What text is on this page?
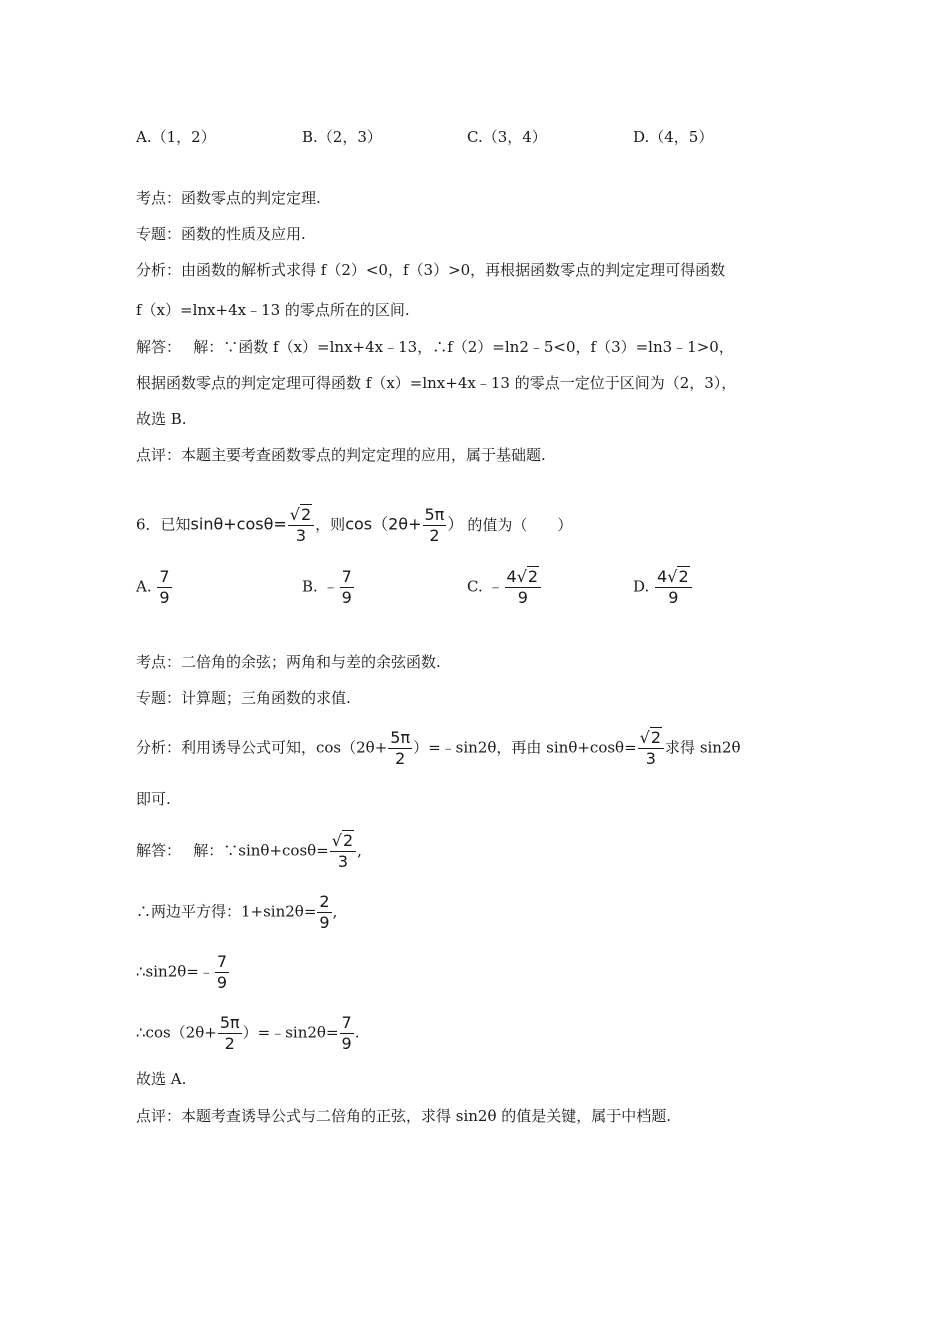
A.（1，2）	B.（2，3）	C.（3，4）	D.（4，5）
考点：函数零点的判定定理.
专题：函数的性质及应用.
分析：由函数的解析式求得 f（2）<0，f（3）>0，再根据函数零点的判定定理可得函数
f（x）=lnx+4x﹣13 的零点所在的区间.
解答：　 解：∵函数 f（x）=lnx+4x﹣13，∴f（2）=ln2﹣5<0，f（3）=ln3﹣1>0，
根据函数零点的判定定理可得函数 f（x）=lnx+4x﹣13 的零点一定位于区间为（2，3），
故选 B.
点评：本题主要考查函数零点的判定定理的应用，属于基础题.
6．已知$\sin\theta+\cos\theta= \frac{√2}{3}$ ，则$\cos(2\theta+ \frac{5\pi}{2}$ ） 的值为（　　）
A. $\frac{7}{9}$	B. ﹣ $\frac{7}{9}$	C. ﹣ $\frac{4√2}{9}$	D. $\frac{4√2}{9}$
考点：二倍角的余弦；两角和与差的余弦函数.
专题：计算题；三角函数的求值.
分析：利用诱导公式可知，$\cos(2\theta+ \frac{5\pi}{2}$ ）=﹣sin2θ，再由 $\sin\theta+\cos\theta= \frac{√2}{3}$ 求得 sin2θ
即可.
解答：　 解：∵sinθ+cosθ= $\frac{√2}{3}$ ,
∴两边平方得：$1+\sin 2\theta= \frac{2}{9}$ ,
∴sin2θ=﹣ $\frac{7}{9}$
∴cos（2θ+ $\frac{5\pi}{2}$ ）=﹣sin2θ= $\frac{7}{9}$ .
故选 A.
点评：本题考查诱导公式与二倍角的正弦，求得 sin2θ 的值是关键，属于中档题.
